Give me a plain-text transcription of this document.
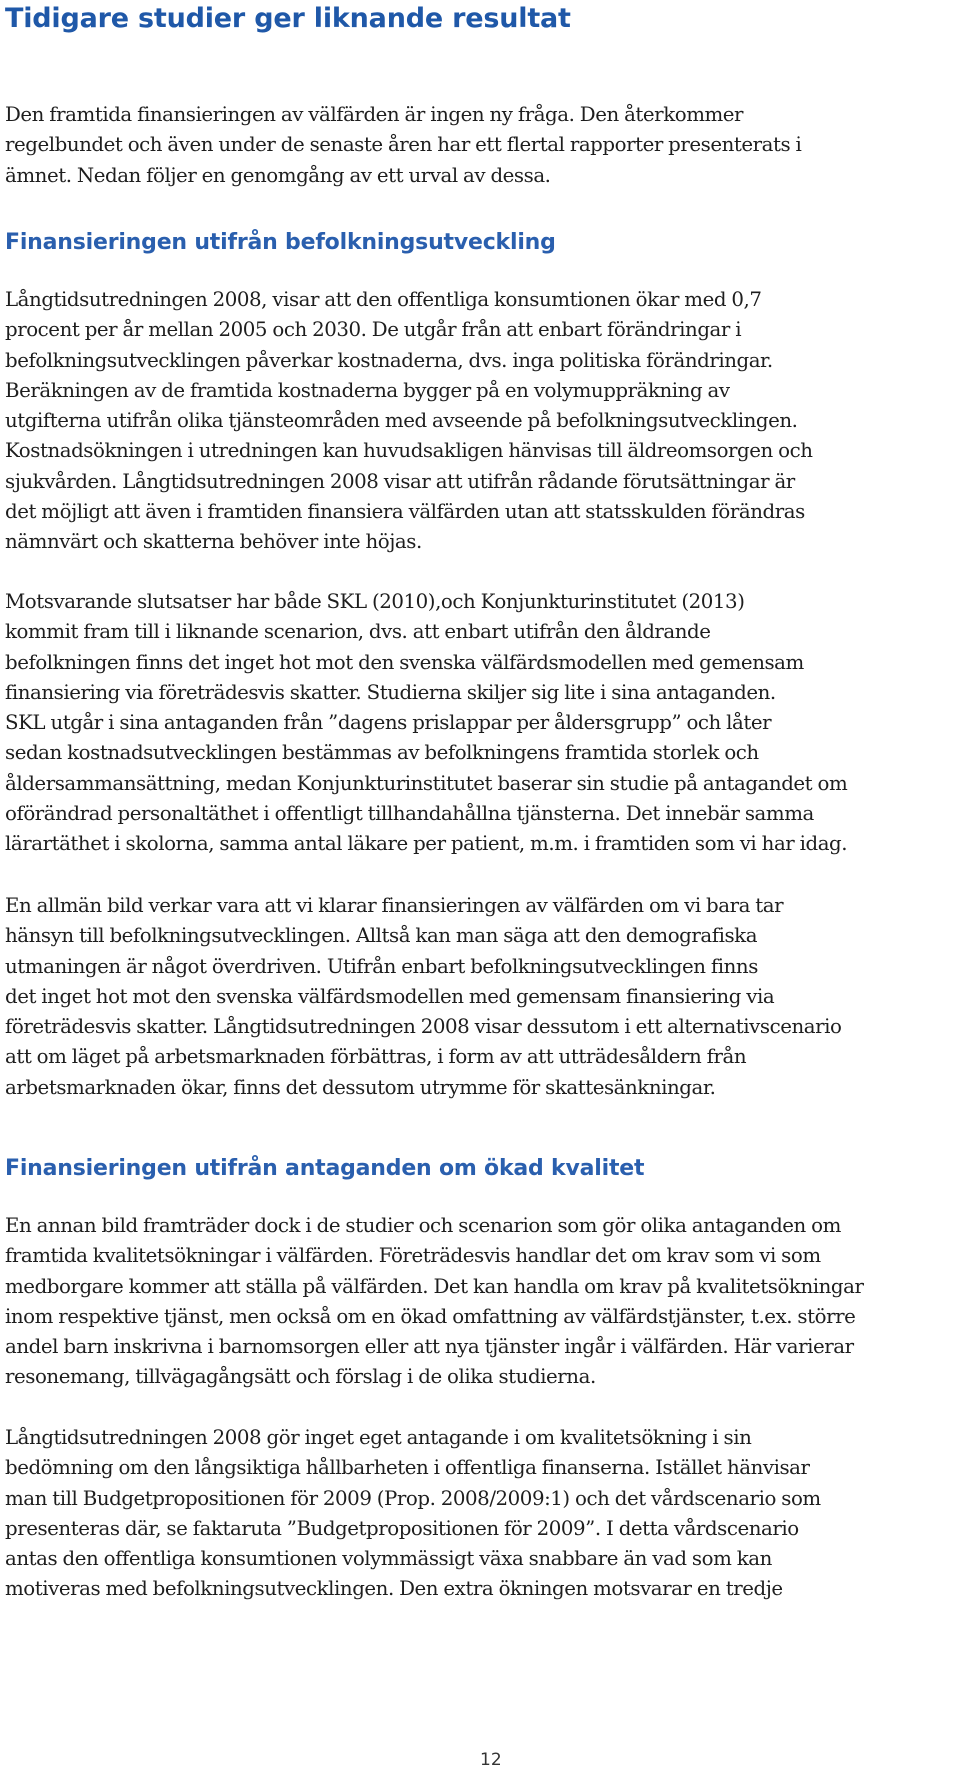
Tidigare studier ger liknande resultat
Den framtida finansieringen av välfärden är ingen ny fråga. Den återkommer
regelbundet och även under de senaste åren har ett flertal rapporter presenterats i
ämnet. Nedan följer en genomgång av ett urval av dessa.
Finansieringen utifrån befolkningsutveckling
Långtidsutredningen 2008, visar att den offentliga konsumtionen ökar med 0,7
procent per år mellan 2005 och 2030. De utgår från att enbart förändringar i
befolkningsutvecklingen påverkar kostnaderna, dvs. inga politiska förändringar.
Beräkningen av de framtida kostnaderna bygger på en volymuppräkning av
utgifterna utifrån olika tjänsteområden med avseende på befolkningsutvecklingen.
Kostnadsökningen i utredningen kan huvudsakligen hänvisas till äldreomsorgen och
sjukvården. Långtidsutredningen 2008 visar att utifrån rådande förutsättningar är
det möjligt att även i framtiden finansiera välfärden utan att statsskulden förändras
nämnvärt och skatterna behöver inte höjas.
Motsvarande slutsatser har både SKL (2010),och Konjunkturinstitutet (2013)
kommit fram till i liknande scenarion, dvs. att enbart utifrån den åldrande
befolkningen finns det inget hot mot den svenska välfärdsmodellen med gemensam
finansiering via företrädesvis skatter. Studierna skiljer sig lite i sina antaganden.
SKL utgår i sina antaganden från ”dagens prislappar per åldersgrupp” och låter
sedan kostnadsutvecklingen bestämmas av befolkningens framtida storlek och
åldersammansättning, medan Konjunkturinstitutet baserar sin studie på antagandet om
oförändrad personaltäthet i offentligt tillhandahållna tjänsterna. Det innebär samma
lärartäthet i skolorna, samma antal läkare per patient, m.m. i framtiden som vi har idag.
En allmän bild verkar vara att vi klarar finansieringen av välfärden om vi bara tar
hänsyn till befolkningsutvecklingen. Alltså kan man säga att den demografiska
utmaningen är något överdriven. Utifrån enbart befolkningsutvecklingen finns
det inget hot mot den svenska välfärdsmodellen med gemensam finansiering via
företrädesvis skatter. Långtidsutredningen 2008 visar dessutom i ett alternativscenario
att om läget på arbetsmarknaden förbättras, i form av att utträdesåldern från
arbetsmarknaden ökar, finns det dessutom utrymme för skattesänkningar.
Finansieringen utifrån antaganden om ökad kvalitet
En annan bild framträder dock i de studier och scenarion som gör olika antaganden om
framtida kvalitetsökningar i välfärden. Företrädesvis handlar det om krav som vi som
medborgare kommer att ställa på välfärden. Det kan handla om krav på kvalitetsökningar
inom respektive tjänst, men också om en ökad omfattning av välfärdstjänster, t.ex. större
andel barn inskrivna i barnomsorgen eller att nya tjänster ingår i välfärden. Här varierar
resonemang, tillvägagångsätt och förslag i de olika studierna.
Långtidsutredningen 2008 gör inget eget antagande i om kvalitetsökning i sin
bedömning om den långsiktiga hållbarheten i offentliga finanserna. Istället hänvisar
man till Budgetpropositionen för 2009 (Prop. 2008/2009:1) och det vårdscenario som
presenteras där, se faktaruta ”Budgetpropositionen för 2009”. I detta vårdscenario
antas den offentliga konsumtionen volymmässigt växa snabbare än vad som kan
motiveras med befolkningsutvecklingen. Den extra ökningen motsvarar en tredje
12
